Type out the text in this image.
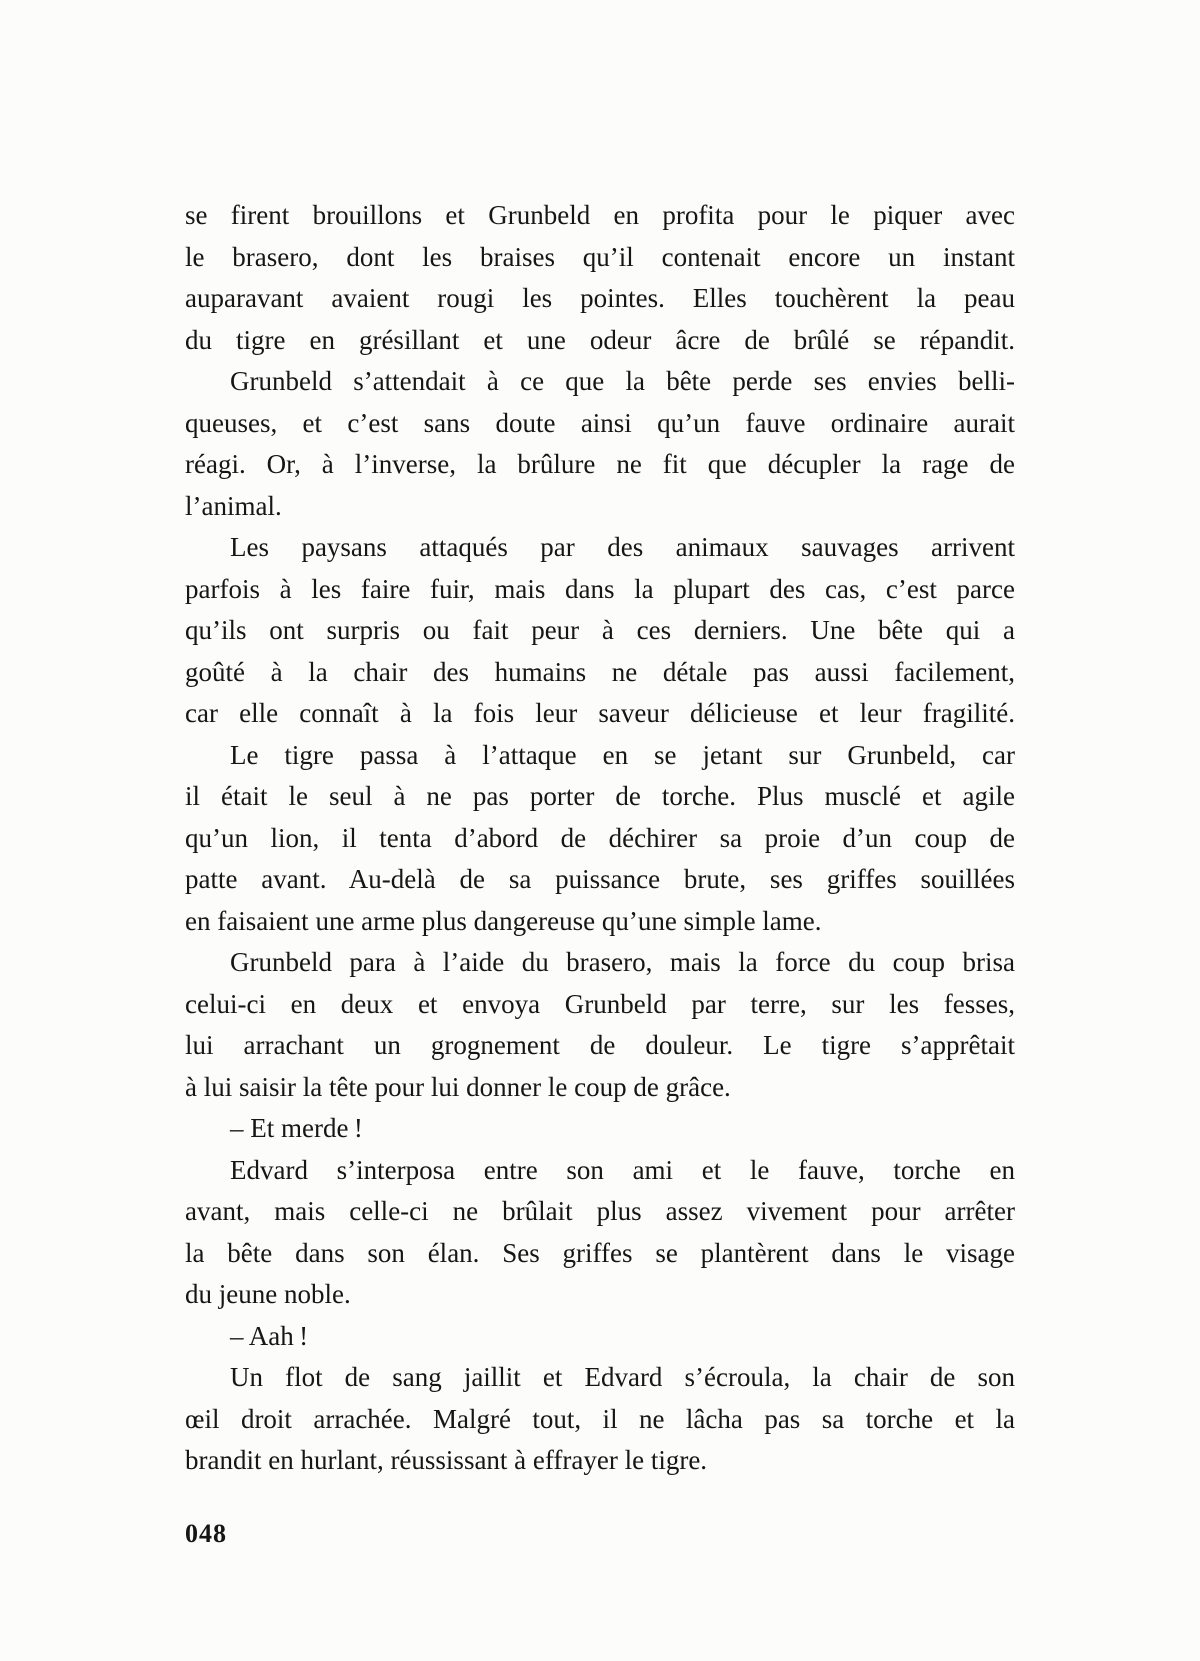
se firent brouillons et Grunbeld en profita pour le piquer avec
le brasero, dont les braises qu’il contenait encore un instant
auparavant avaient rougi les pointes. Elles touchèrent la peau
du tigre en grésillant et une odeur âcre de brûlé se répandit.

Grunbeld s’attendait à ce que la bête perde ses envies belli-
queuses, et c’est sans doute ainsi qu’un fauve ordinaire aurait
réagi. Or, à l’inverse, la brûlure ne fit que décupler la rage de
l’animal.

Les paysans attaqués par des animaux sauvages arrivent
parfois à les faire fuir, mais dans la plupart des cas, c’est parce
qu’ils ont surpris ou fait peur à ces derniers. Une bête qui a
goûté à la chair des humains ne détale pas aussi facilement,
car elle connaît à la fois leur saveur délicieuse et leur fragilité.

Le tigre passa à l’attaque en se jetant sur Grunbeld, car
il était le seul à ne pas porter de torche. Plus musclé et agile
qu’un lion, il tenta d’abord de déchirer sa proie d’un coup de
patte avant. Au-delà de sa puissance brute, ses griffes souillées
en faisaient une arme plus dangereuse qu’une simple lame.

Grunbeld para à l’aide du brasero, mais la force du coup brisa
celui-ci en deux et envoya Grunbeld par terre, sur les fesses,
lui arrachant un grognement de douleur. Le tigre s’apprêtait
à lui saisir la tête pour lui donner le coup de grâce.

– Et merde !

Edvard s’interposa entre son ami et le fauve, torche en
avant, mais celle-ci ne brûlait plus assez vivement pour arrêter
la bête dans son élan. Ses griffes se plantèrent dans le visage
du jeune noble.

– Aah !

Un flot de sang jaillit et Edvard s’écroula, la chair de son
œil droit arrachée. Malgré tout, il ne lâcha pas sa torche et la
brandit en hurlant, réussissant à effrayer le tigre.

048
